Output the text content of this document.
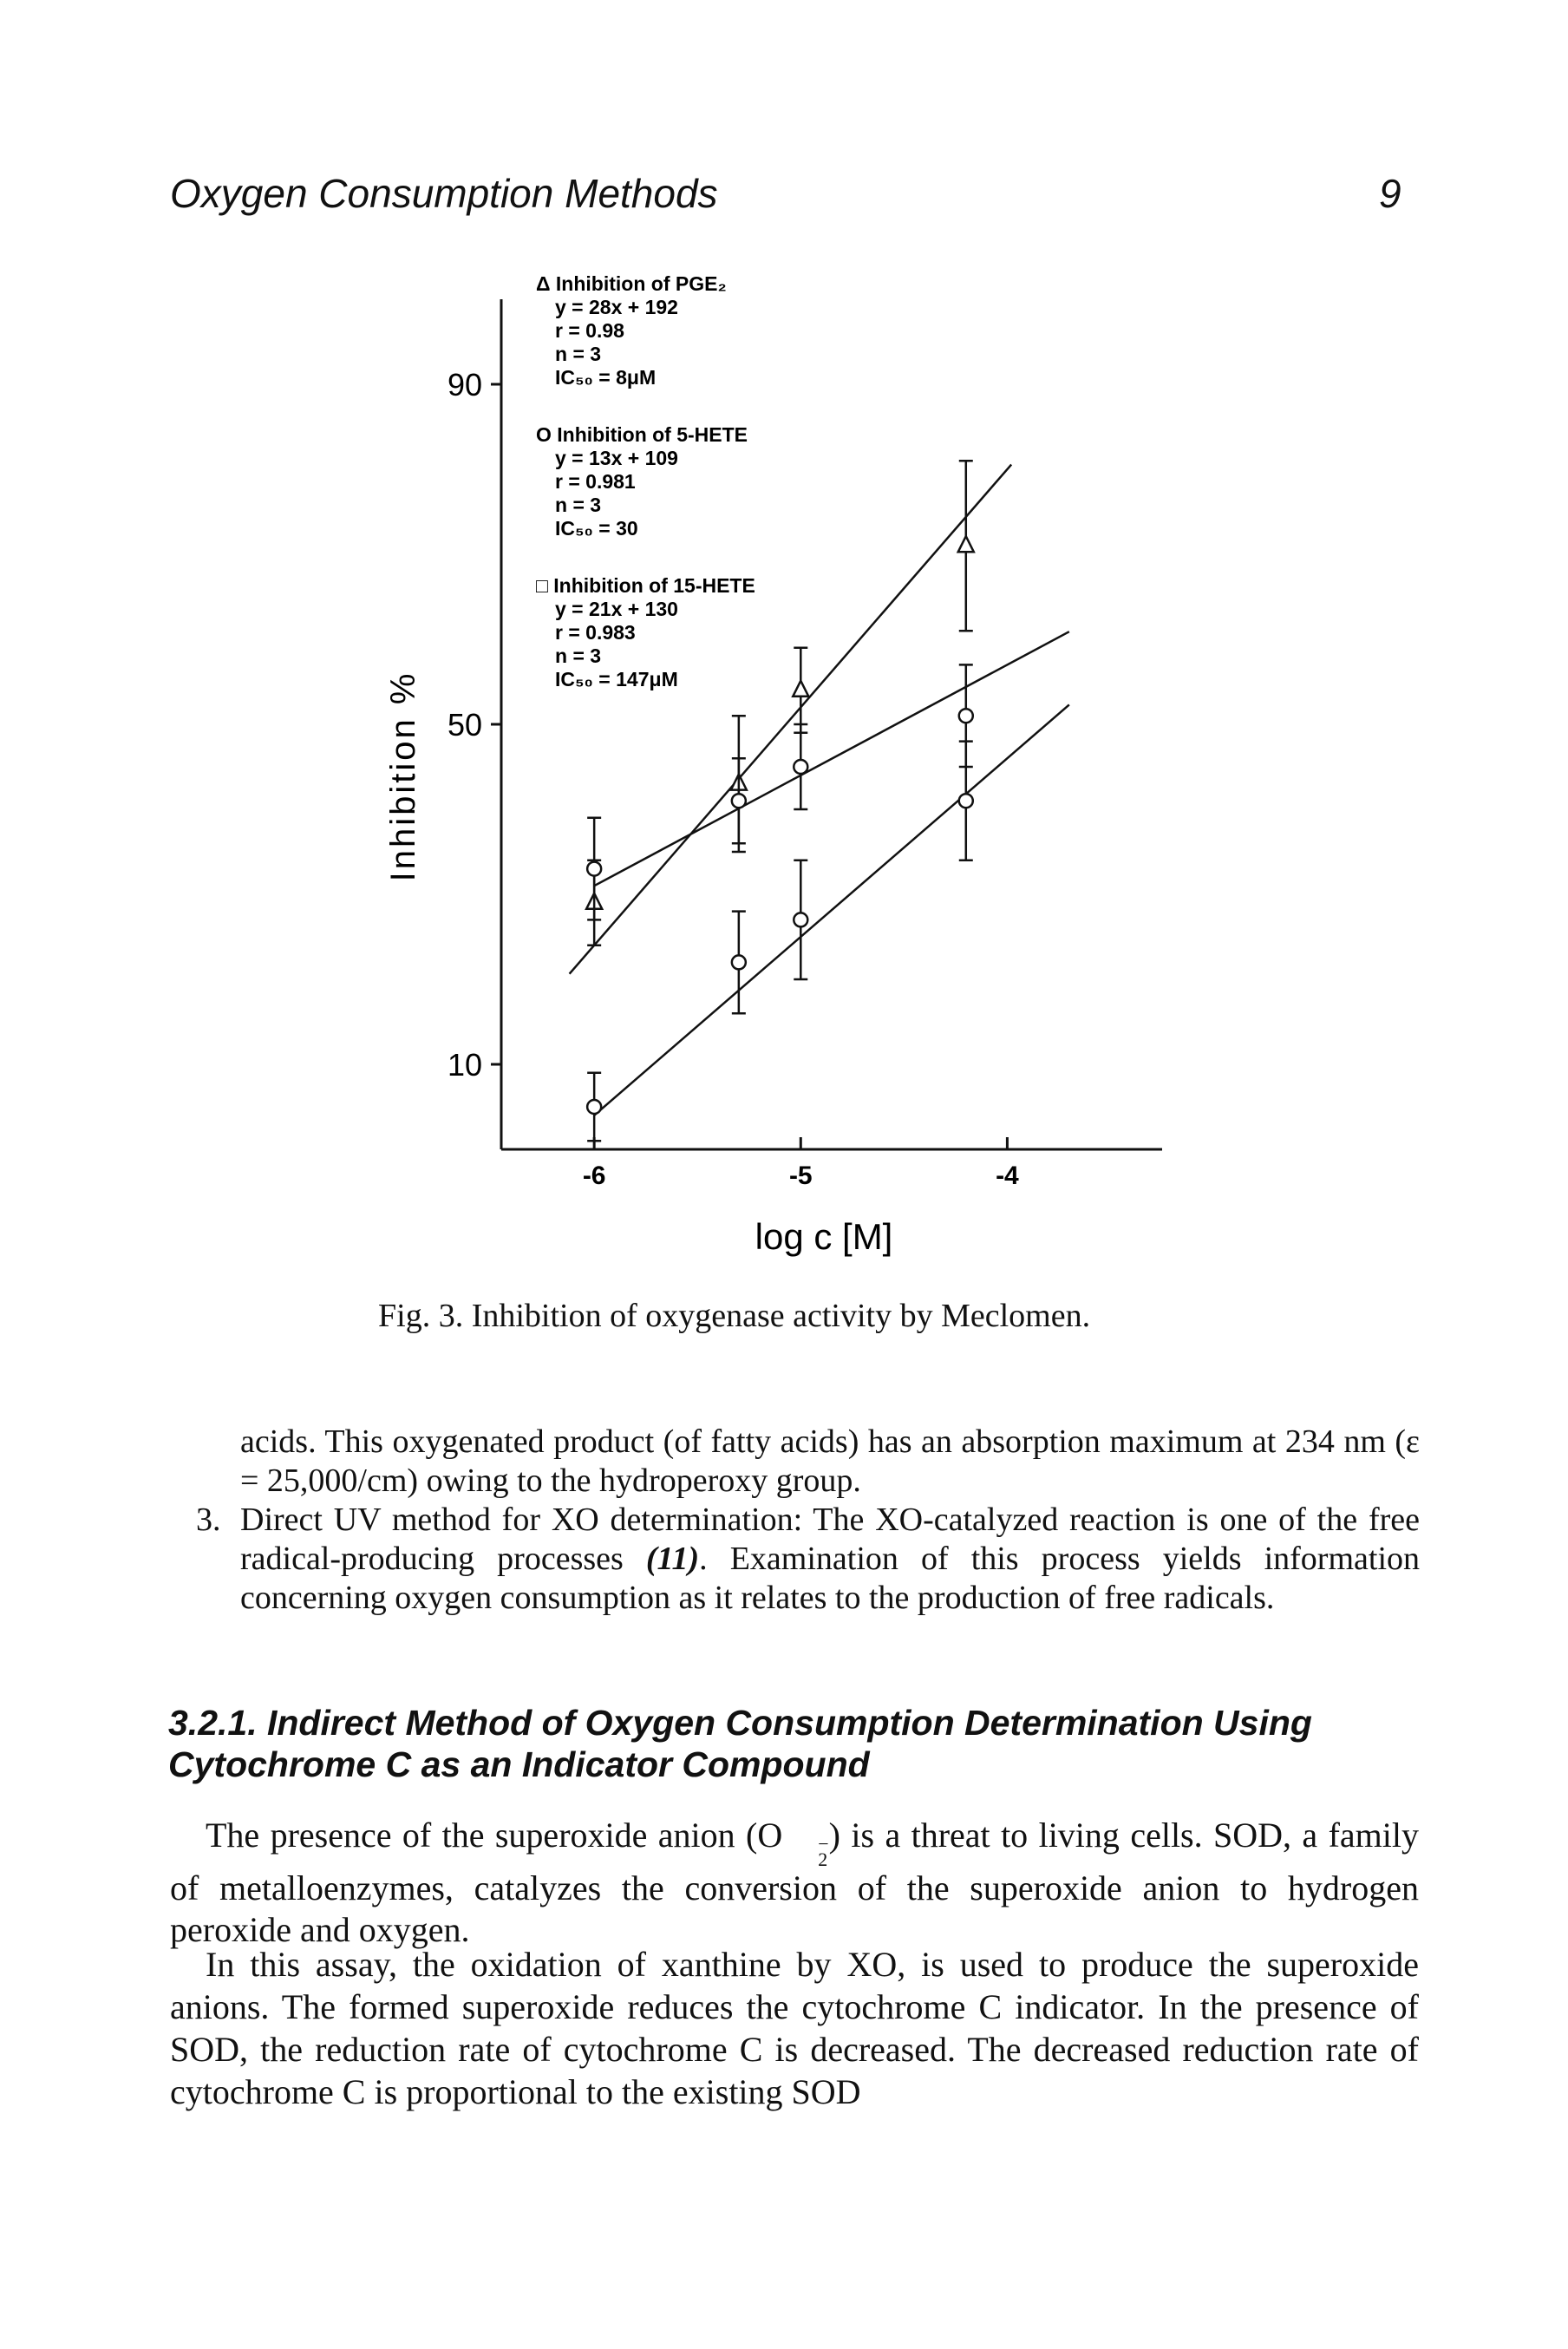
Oxygen Consumption Methods	9
10
50
90
-6	-5	-4
Δ Inhibition of PGE₂
y = 28x + 192
r = 0.98
n = 3
IC₅₀ = 8μM
O Inhibition of 5-HETE
y = 13x + 109
r = 0.981
n = 3
IC₅₀ = 30
□ Inhibition of 15-HETE
y = 21x + 130
r = 0.983
n = 3
IC₅₀ = 147μM
Inhibition %
log c [M]
Fig. 3. Inhibition of oxygenase activity by Meclomen.

acids. This oxygenated product (of fatty acids) has an absorption maximum at 234 nm (ε = 25,000/cm) owing to the hydroperoxy group.

3. Direct UV method for XO determination: The XO-catalyzed reaction is one of the free radical-producing processes (11). Examination of this process yields information concerning oxygen consumption as it relates to the production of free radicals.

3.2.1. Indirect Method of Oxygen Consumption Determination Using Cytochrome C as an Indicator Compound

The presence of the superoxide anion (O	−
2
) is a threat to living cells. SOD, a family of metalloenzymes, catalyzes the conversion of the superoxide anion to hydrogen peroxide and oxygen.

In this assay, the oxidation of xanthine by XO, is used to produce the superoxide anions. The formed superoxide reduces the cytochrome C indicator. In the presence of SOD, the reduction rate of cytochrome C is decreased. The decreased reduction rate of cytochrome C is proportional to the existing SOD
